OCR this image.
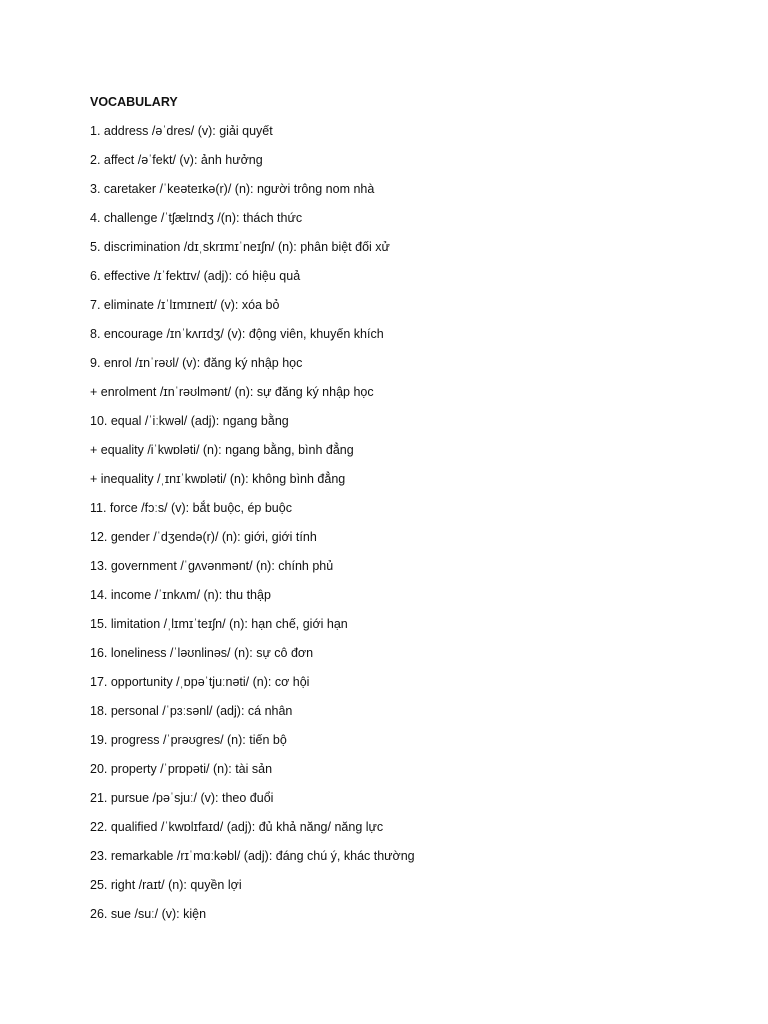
VOCABULARY
1. address /əˈdres/ (v): giải quyết
2. affect /əˈfekt/ (v): ảnh hưởng
3. caretaker /ˈkeəteɪkə(r)/ (n): người trông nom nhà
4. challenge /ˈtʃælɪndʒ /(n): thách thức
5. discrimination /dɪˌskrɪmɪˈneɪʃn/ (n): phân biệt đối xử
6. effective /ɪˈfektɪv/ (adj): có hiệu quả
7. eliminate /ɪˈlɪmɪneɪt/ (v): xóa bỏ
8. encourage /ɪnˈkʌrɪdʒ/ (v): động viên, khuyến khích
9. enrol /ɪnˈrəʊl/ (v): đăng ký nhập học
+ enrolment /ɪnˈrəʊlmənt/ (n): sự đăng ký nhập học
10. equal /ˈiːkwəl/ (adj): ngang bằng
+ equality /iˈkwɒləti/ (n): ngang bằng, bình đẳng
+ inequality /ˌɪnɪˈkwɒləti/ (n): không bình đẳng
11. force /fɔːs/ (v): bắt buộc, ép buộc
12. gender /ˈdʒendə(r)/ (n): giới, giới tính
13. government /ˈɡʌvənmənt/ (n): chính phủ
14. income /ˈɪnkʌm/ (n): thu thập
15. limitation /ˌlɪmɪˈteɪʃn/ (n): hạn chế, giới hạn
16. loneliness /ˈləʊnlinəs/ (n): sự cô đơn
17. opportunity /ˌɒpəˈtjuːnəti/ (n): cơ hội
18. personal /ˈpɜːsənl/ (adj): cá nhân
19. progress /ˈprəʊɡres/ (n): tiến bộ
20. property /ˈprɒpəti/ (n): tài sản
21. pursue /pəˈsjuː/ (v): theo đuổi
22. qualified /ˈkwɒlɪfaɪd/ (adj): đủ khả năng/ năng lực
23. remarkable /rɪˈmɑːkəbl/ (adj): đáng chú ý, khác thường
25. right /raɪt/ (n): quyền lợi
26. sue /suː/ (v): kiện
